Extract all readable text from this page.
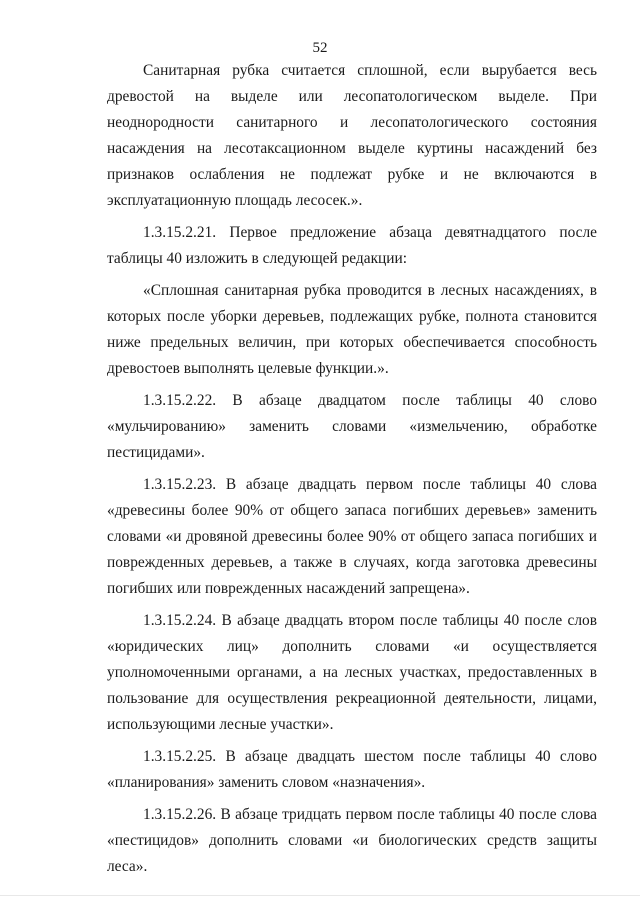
52

Санитарная рубка считается сплошной, если вырубается весь древостой на выделе или лесопатологическом выделе. При неоднородности санитарного и лесопатологического состояния насаждения на лесотаксационном выделе куртины насаждений без признаков ослабления не подлежат рубке и не включаются в эксплуатационную площадь лесосек.».

1.3.15.2.21. Первое предложение абзаца девятнадцатого после таблицы 40 изложить в следующей редакции:

«Сплошная санитарная рубка проводится в лесных насаждениях, в которых после уборки деревьев, подлежащих рубке, полнота становится ниже предельных величин, при которых обеспечивается способность древостоев выполнять целевые функции.».

1.3.15.2.22. В абзаце двадцатом после таблицы 40 слово «мульчированию» заменить словами «измельчению, обработке пестицидами».

1.3.15.2.23. В абзаце двадцать первом после таблицы 40 слова «древесины более 90% от общего запаса погибших деревьев» заменить словами «и дровяной древесины более 90% от общего запаса погибших и поврежденных деревьев, а также в случаях, когда заготовка древесины погибших или поврежденных насаждений запрещена».

1.3.15.2.24. В абзаце двадцать втором после таблицы 40 после слов «юридических лиц» дополнить словами «и осуществляется уполномоченными органами, а на лесных участках, предоставленных в пользование для осуществления рекреационной деятельности, лицами, использующими лесные участки».

1.3.15.2.25. В абзаце двадцать шестом после таблицы 40 слово «планирования» заменить словом «назначения».

1.3.15.2.26. В абзаце тридцать первом после таблицы 40 после слова «пестицидов» дополнить словами «и биологических средств защиты леса».
